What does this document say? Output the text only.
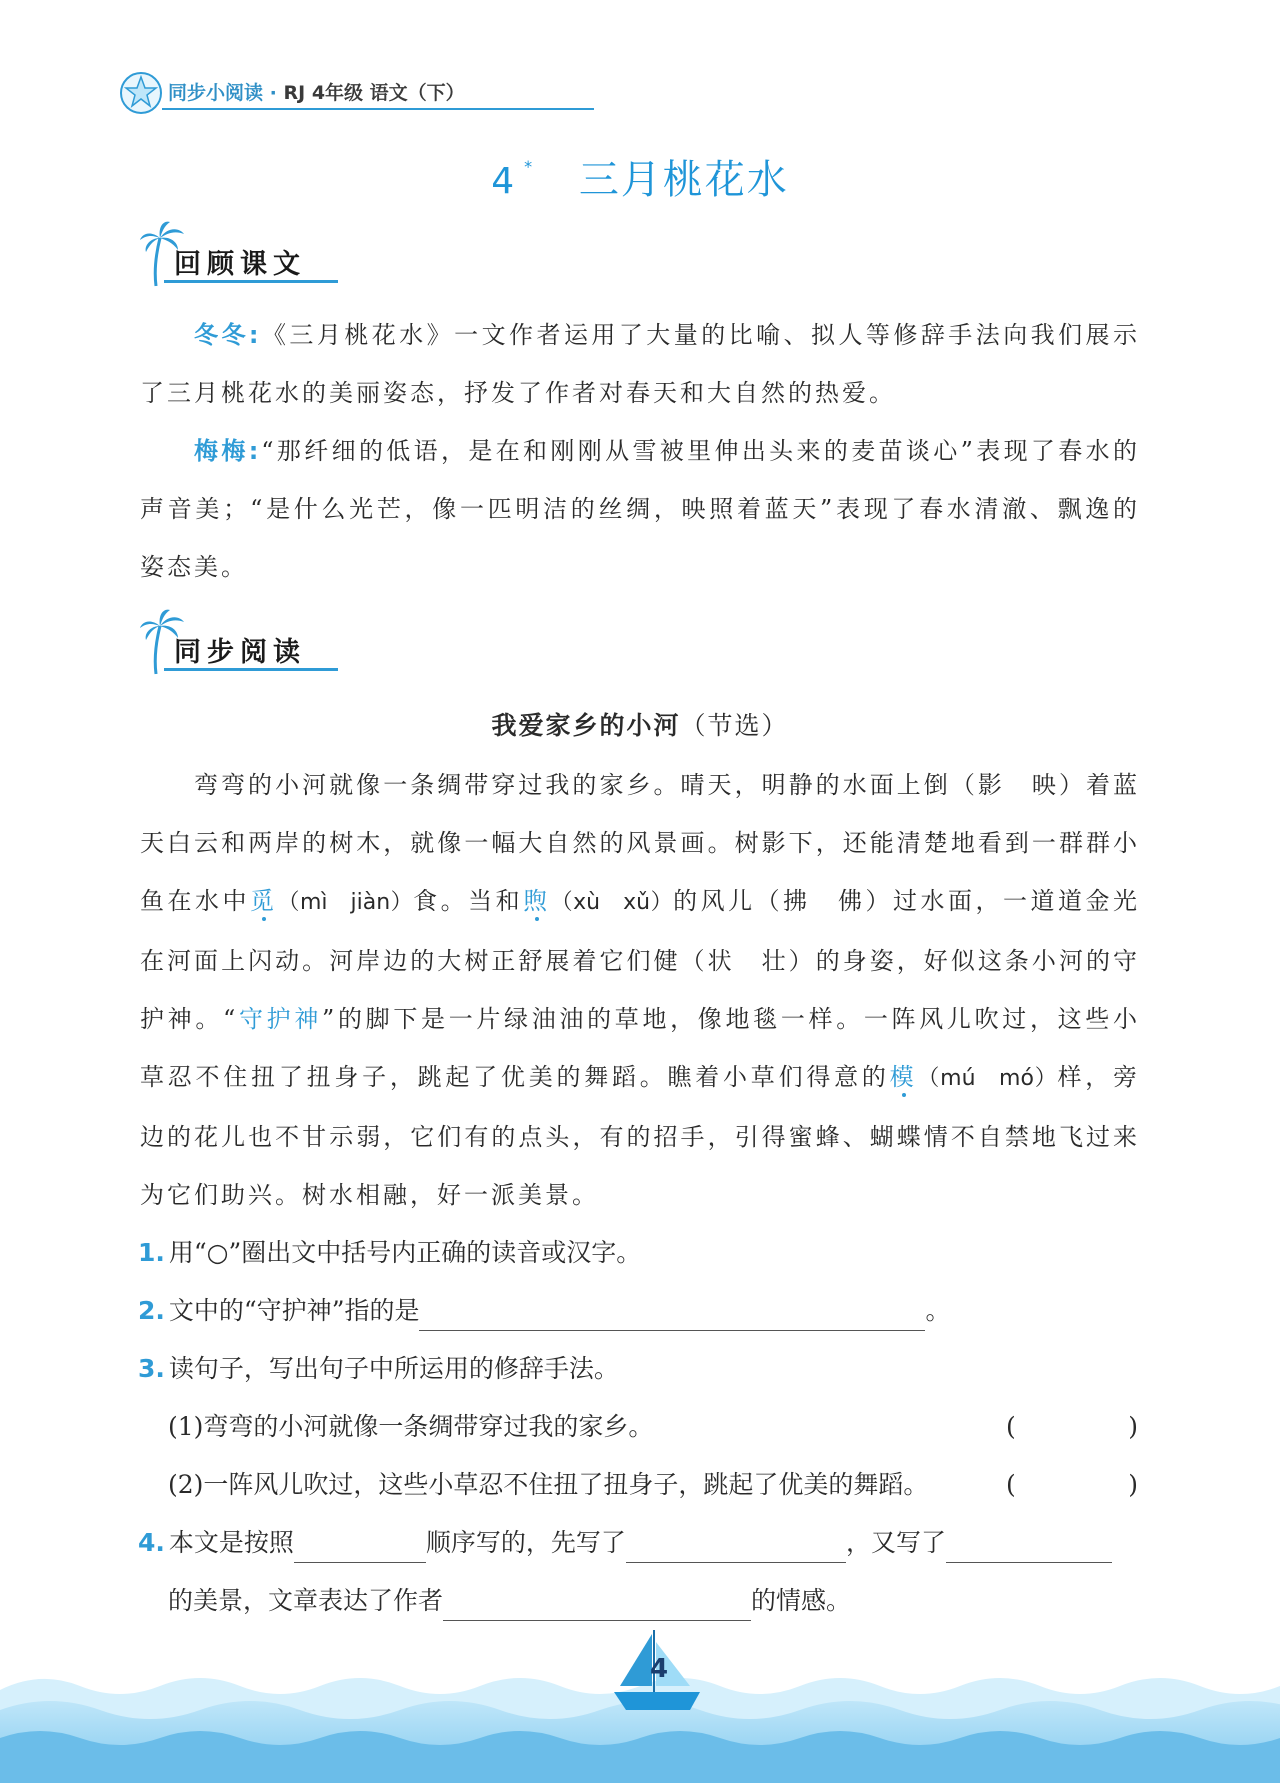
同步小阅读 · RJ 4年级 语文（下）
4 * 三月桃花水
回顾课文
冬冬:《三月桃花水》一文作者运用了大量的比喻、拟人等修辞手法向我们展示了三月桃花水的美丽姿态，抒发了作者对春天和大自然的热爱。
梅梅:“那纤细的低语，是在和刚刚从雪被里伸出头来的麦苗谈心”表现了春水的声音美；“是什么光芒，像一匹明洁的丝绸，映照着蓝天”表现了春水清澈、飘逸的姿态美。
同步阅读
我爱家乡的小河（节选）
弯弯的小河就像一条绸带穿过我的家乡。晴天，明静的水面上倒（影　映）着蓝天白云和两岸的树木，就像一幅大自然的风景画。树影下，还能清楚地看到一群群小鱼在水中觅（mì　jiàn）食。当和煦（xù　xǔ）的风儿（拂　佛）过水面，一道道金光在河面上闪动。河岸边的大树正舒展着它们健（状　壮）的身姿，好似这条小河的守护神。“守护神”的脚下是一片绿油油的草地，像地毯一样。一阵风儿吹过，这些小草忍不住扭了扭身子，跳起了优美的舞蹈。瞧着小草们得意的模（mú　mó）样，旁边的花儿也不甘示弱，它们有的点头，有的招手，引得蜜蜂、蝴蝶情不自禁地飞过来为它们助兴。树水相融，好一派美景。
1. 用“○”圈出文中括号内正确的读音或汉字。
2. 文中的“守护神”指的是	。
3. 读句子，写出句子中所运用的修辞手法。
(1)弯弯的小河就像一条绸带穿过我的家乡。	(	)
(2)一阵风儿吹过，这些小草忍不住扭了扭身子，跳起了优美的舞蹈。	(	)
4. 本文是按照	顺序写的，先写了	，又写了
的美景，文章表达了作者	的情感。
4
